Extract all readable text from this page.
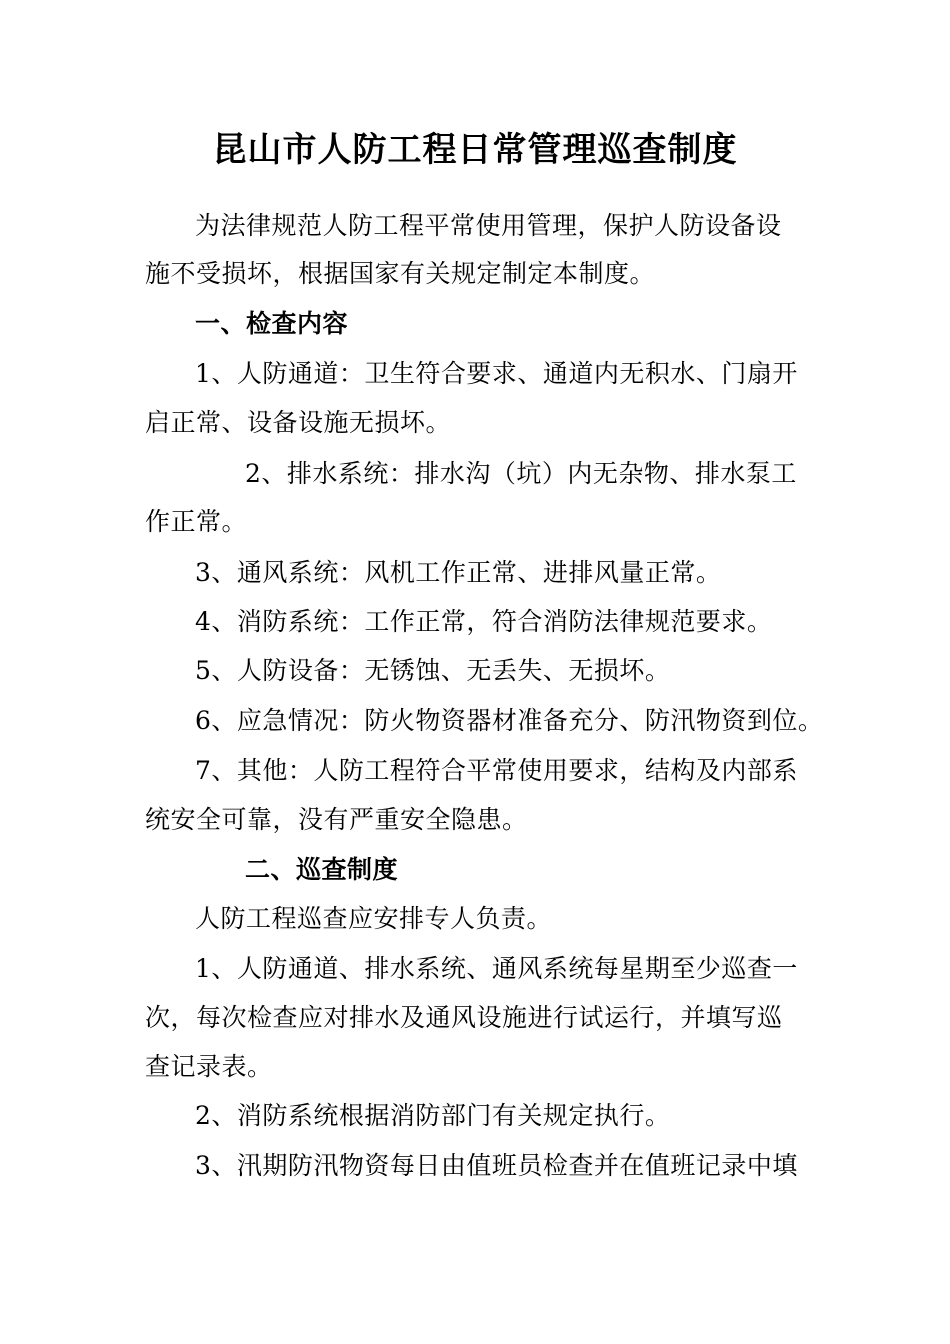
昆山市人防工程日常管理巡查制度
为法律规范人防工程平常使用管理，保护人防设备设
施不受损坏，根据国家有关规定制定本制度。
一、检查内容
1、人防通道：卫生符合要求、通道内无积水、门扇开
启正常、设备设施无损坏。
2、排水系统：排水沟（坑）内无杂物、排水泵工
作正常。
3、通风系统：风机工作正常、进排风量正常。
4、消防系统：工作正常，符合消防法律规范要求。
5、人防设备：无锈蚀、无丢失、无损坏。
6、应急情况：防火物资器材准备充分、防汛物资到位。
7、其他：人防工程符合平常使用要求，结构及内部系
统安全可靠，没有严重安全隐患。
二、巡查制度
人防工程巡查应安排专人负责。
1、人防通道、排水系统、通风系统每星期至少巡查一
次，每次检查应对排水及通风设施进行试运行，并填写巡
查记录表。
2、消防系统根据消防部门有关规定执行。
3、汛期防汛物资每日由值班员检查并在值班记录中填
